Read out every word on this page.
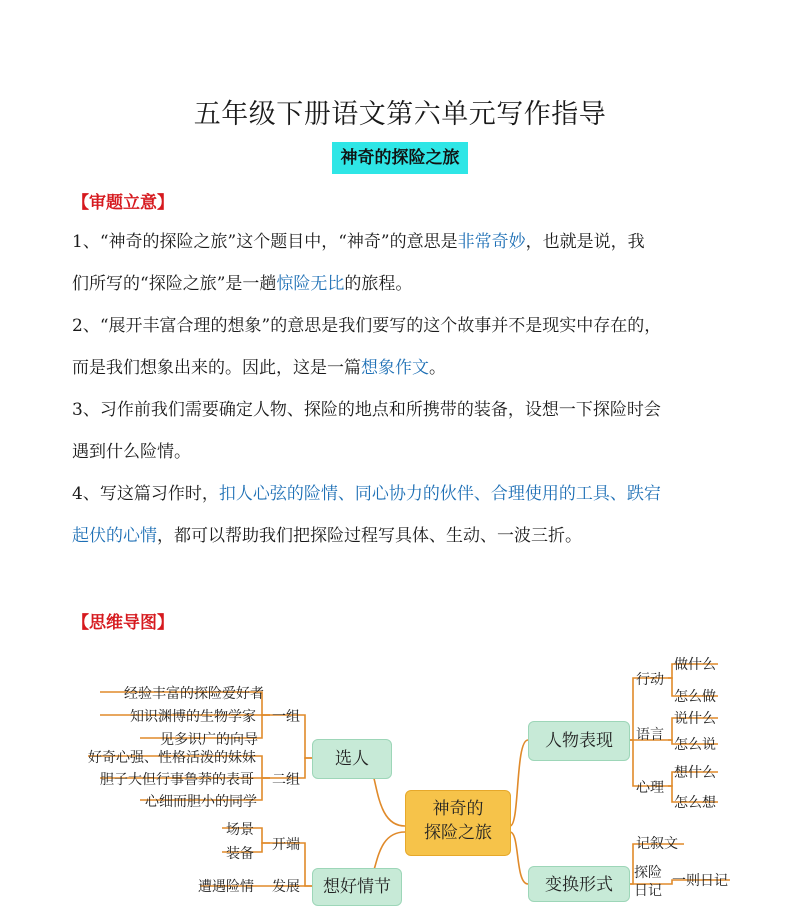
五年级下册语文第六单元写作指导
神奇的探险之旅
【审题立意】
1、“神奇的探险之旅”这个题目中，“神奇”的意思是非常奇妙，也就是说，我
们所写的“探险之旅”是一趟惊险无比的旅程。
2、“展开丰富合理的想象”的意思是我们要写的这个故事并不是现实中存在的，
而是我们想象出来的。因此，这是一篇想象作文。
3、习作前我们需要确定人物、探险的地点和所携带的装备，设想一下探险时会
遇到什么险情。
4、写这篇习作时，扣人心弦的险情、同心协力的伙伴、合理使用的工具、跌宕
起伏的心情，都可以帮助我们把探险过程写具体、生动、一波三折。
【思维导图】
神奇的
探险之旅
选人
想好情节
人物表现
变换形式
一组
二组
经验丰富的探险爱好者
知识渊博的生物学家
见多识广的向导
好奇心强、性格活泼的妹妹
胆子大但行事鲁莽的表哥
心细而胆小的同学
开端
发展
场景
装备
遭遇险情
行动
语言
心理
做什么
怎么做
说什么
怎么说
想什么
怎么想
记叙文
探险
日记
一则日记
